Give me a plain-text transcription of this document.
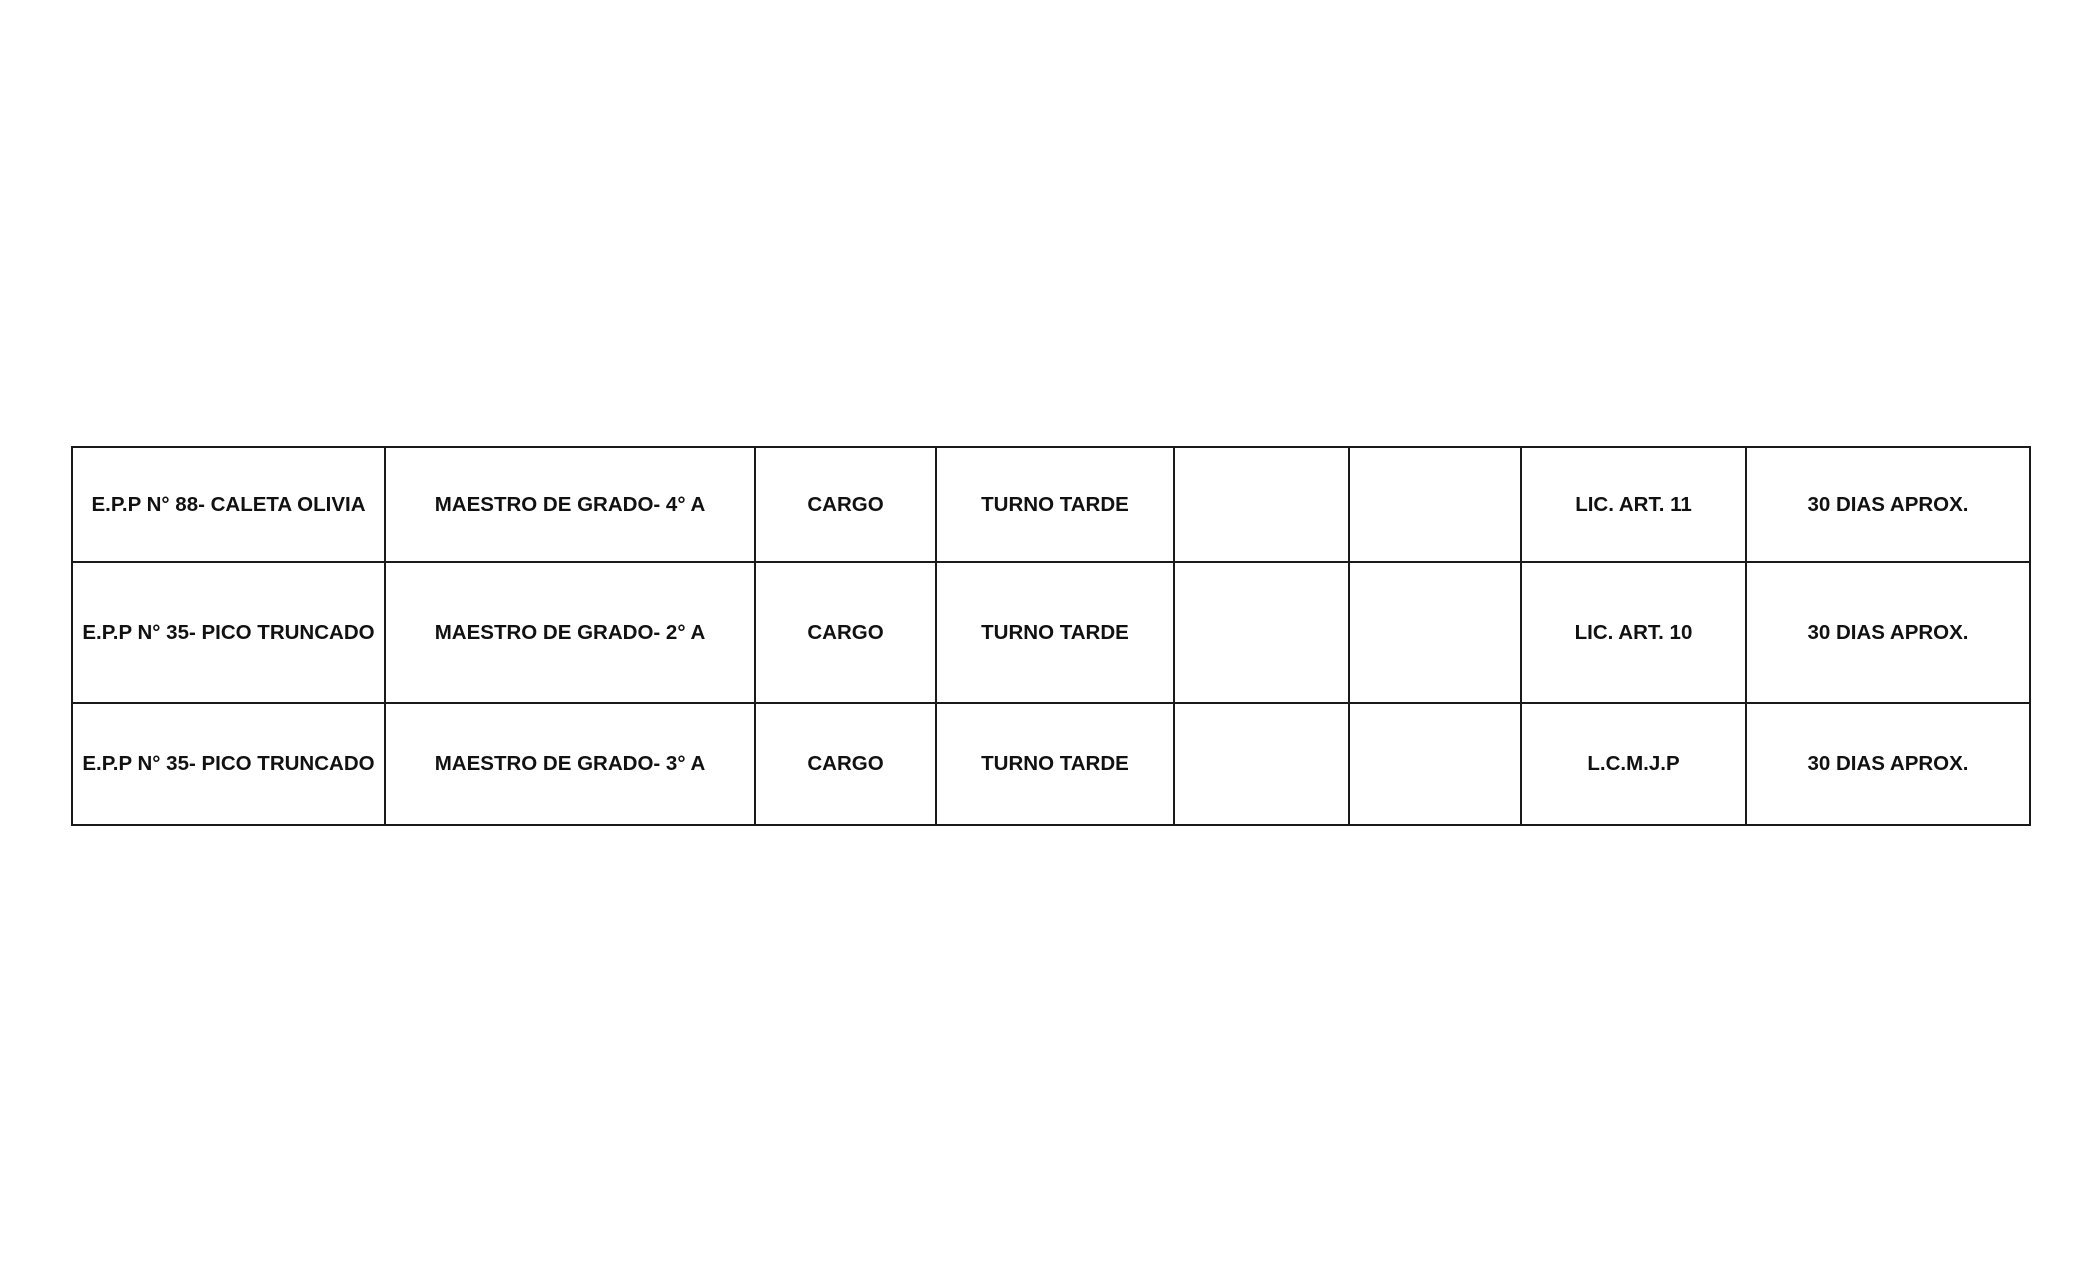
E.P.P N° 88- CALETA OLIVIA	MAESTRO DE GRADO- 4° A	CARGO	TURNO TARDE			LIC. ART. 11	30 DIAS APROX.
E.P.P N° 35- PICO TRUNCADO	MAESTRO DE GRADO- 2° A	CARGO	TURNO TARDE			LIC. ART. 10	30 DIAS APROX.
E.P.P N° 35- PICO TRUNCADO	MAESTRO DE GRADO- 3° A	CARGO	TURNO TARDE			L.C.M.J.P	30 DIAS APROX.
